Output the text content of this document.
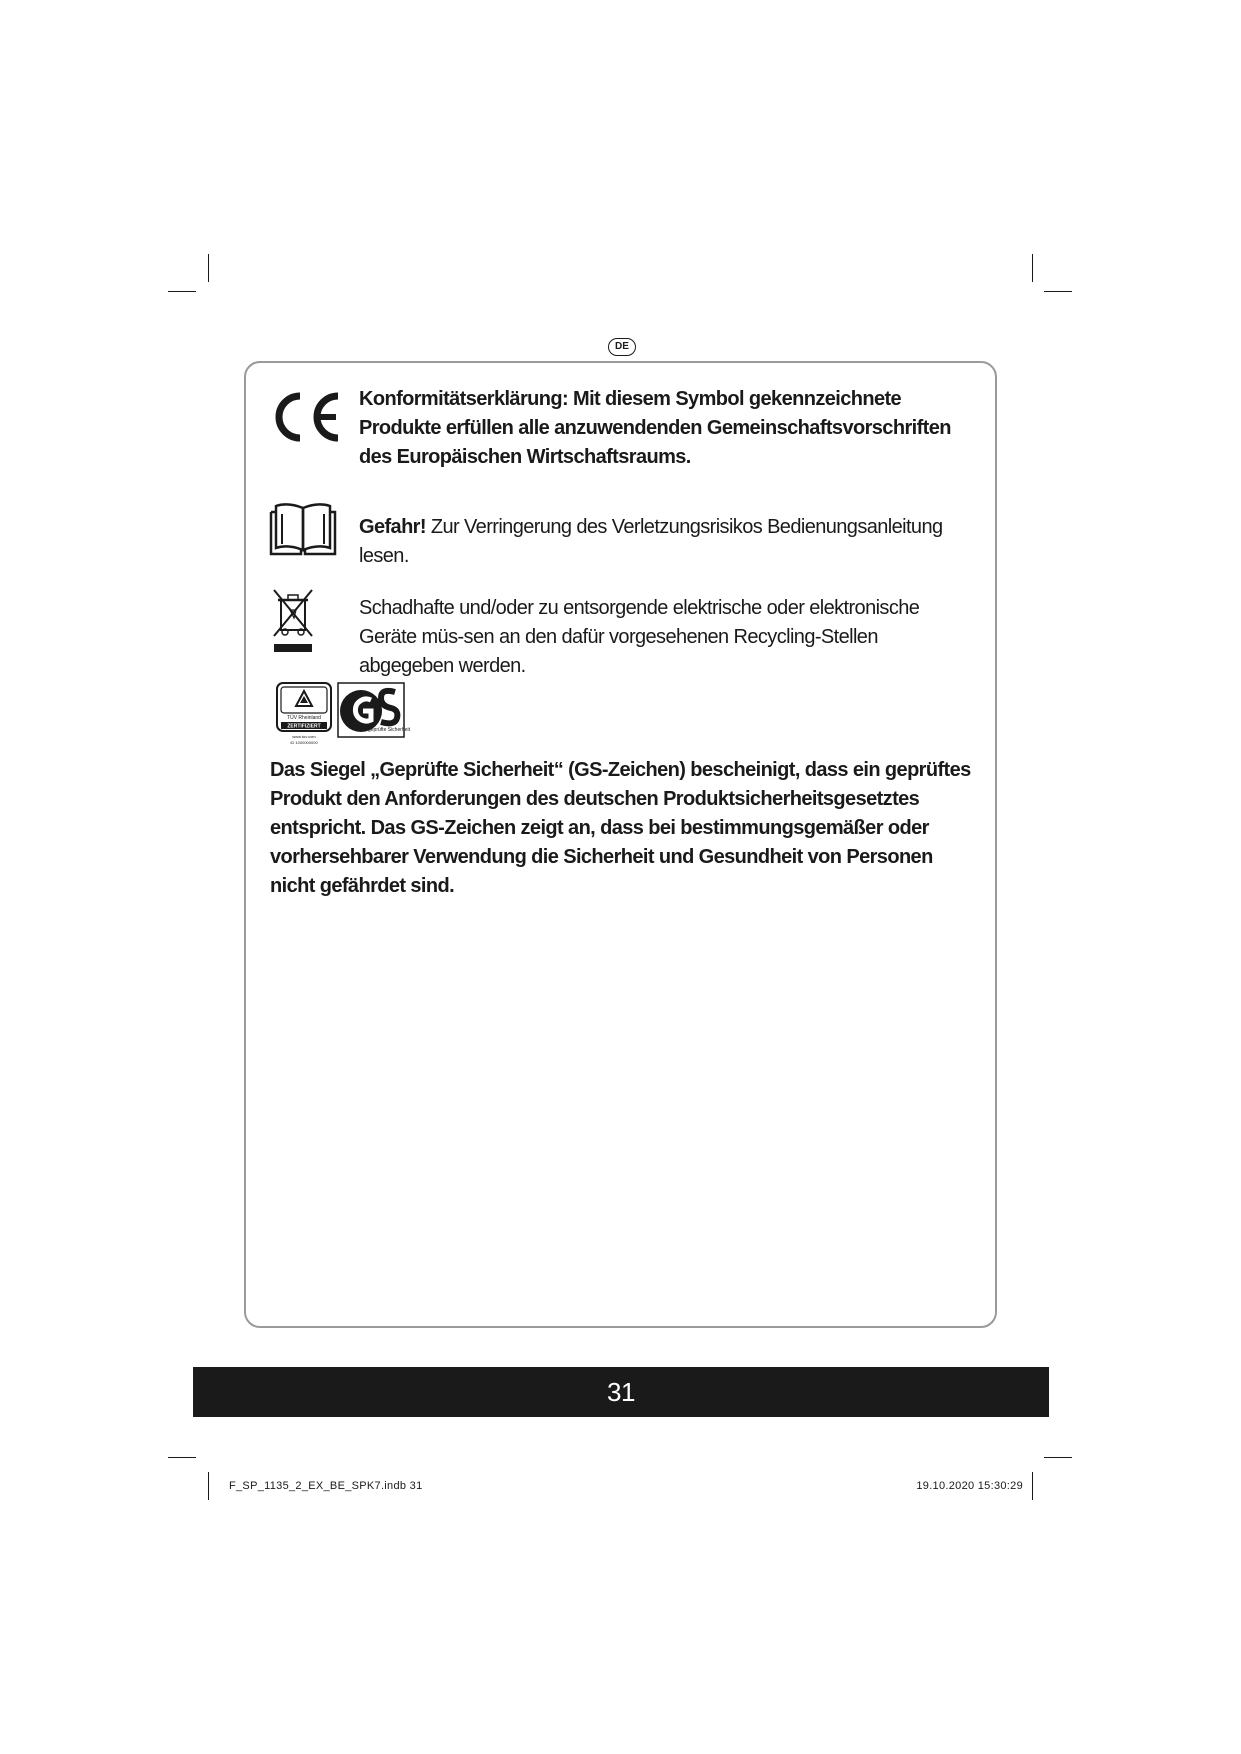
DE
Konformitätserklärung: Mit diesem Symbol gekennzeichnete Produkte erfüllen alle anzuwendenden Gemeinschaftsvorschriften des Europäischen Wirtschaftsraums.
Gefahr! Zur Verringerung des Verletzungsrisikos Bedienungsanleitung lesen.
Schadhafte und/oder zu entsorgende elektrische oder elektronische Geräte müs-sen an den dafür vorgesehenen Recycling-Stellen abgegeben werden.
TÜV Rheinland
ZERTIFIZIERT
www.tuv.com
ID 1000000000
geprüfte Sicherheit
Das Siegel „Geprüfte Sicherheit“ (GS-Zeichen) bescheinigt, dass ein geprüftes Produkt den Anforderungen des deutschen Produktsicherheitsgesetztes entspricht. Das GS-Zeichen zeigt an, dass bei bestimmungsgemäßer oder vorhersehbarer Verwendung die Sicherheit und Gesundheit von Personen nicht gefährdet sind.
31
F_SP_1135_2_EX_BE_SPK7.indb 31	19.10.2020 15:30:29
